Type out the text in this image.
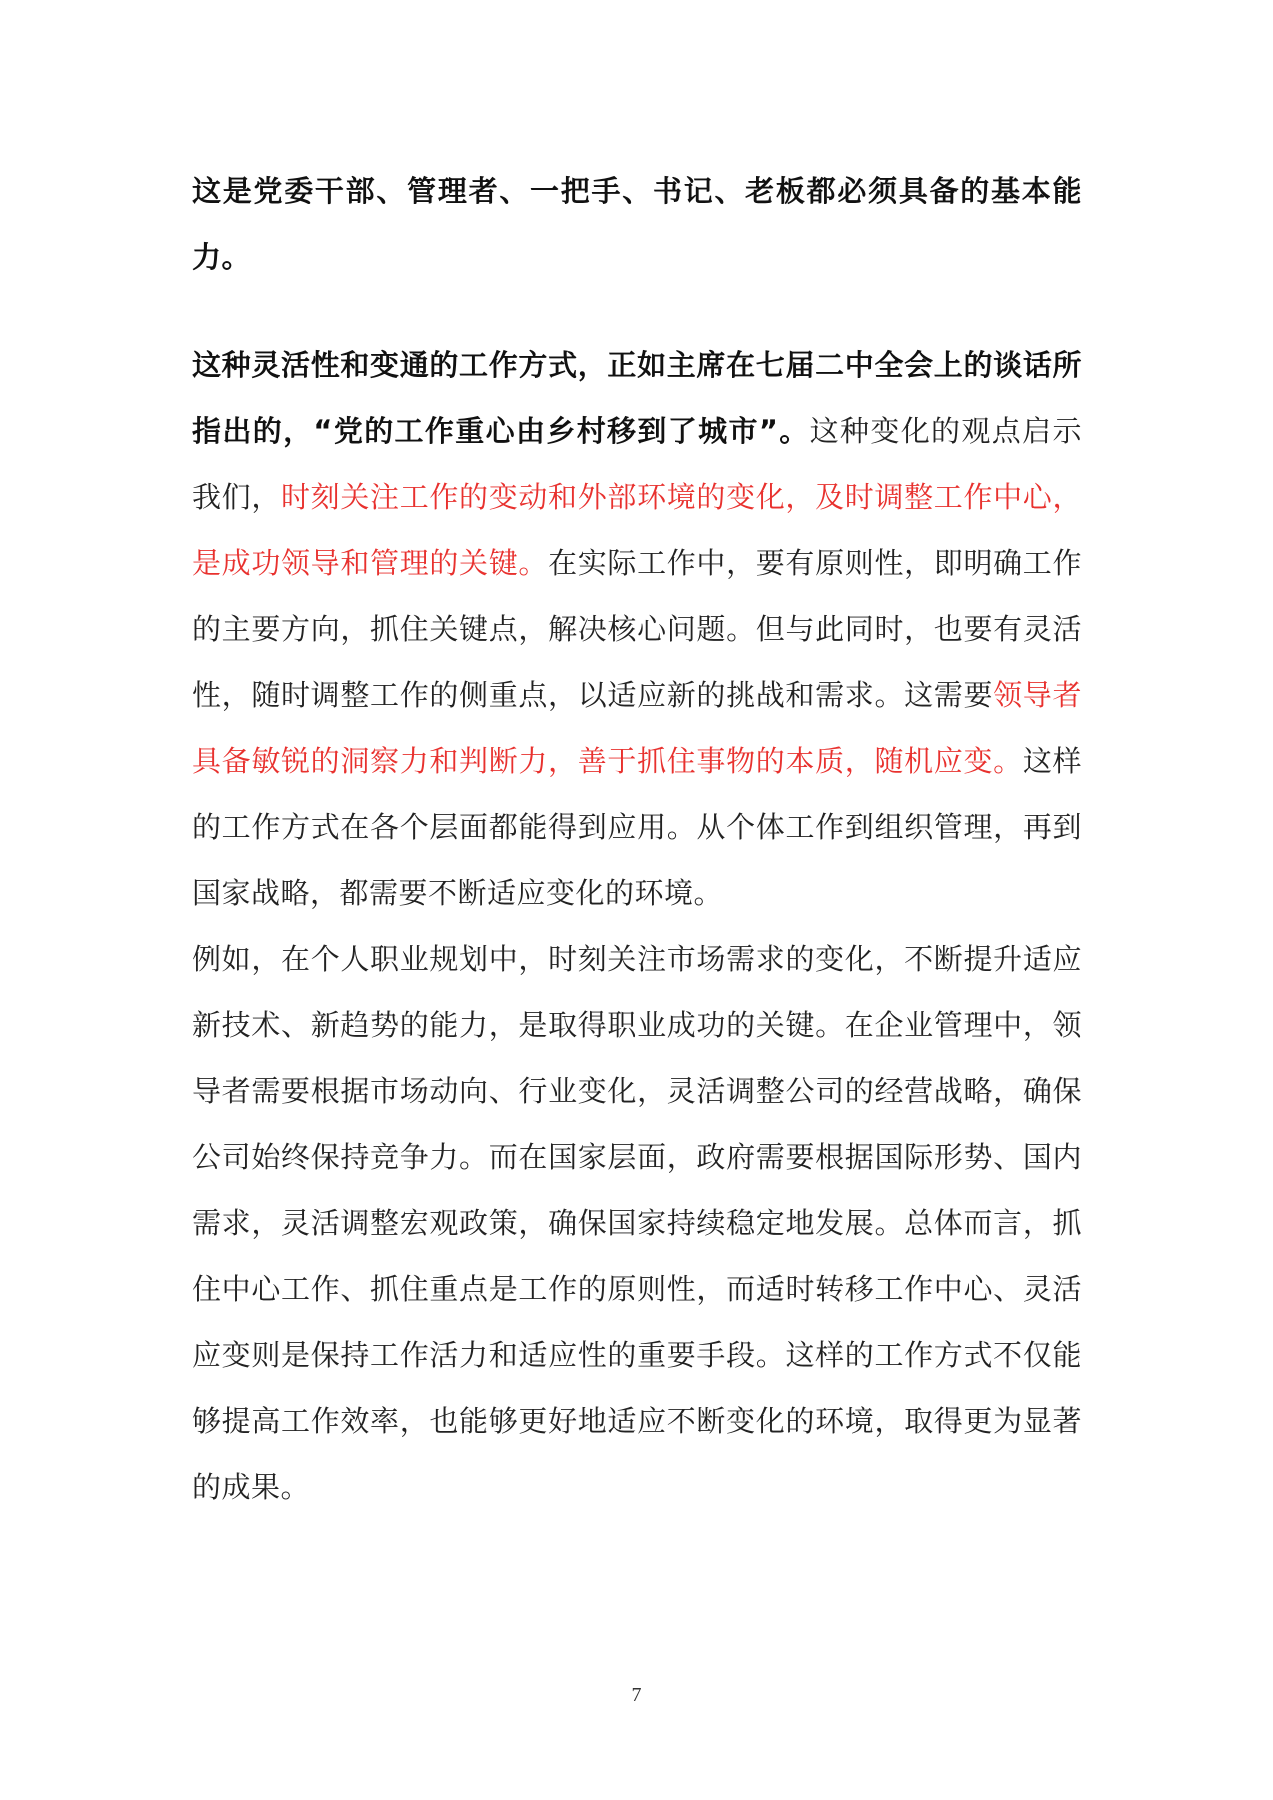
这是党委干部、管理者、一把手、书记、老板都必须具备的基本能力。

这种灵活性和变通的工作方式，正如主席在七届二中全会上的谈话所指出的，“党的工作重心由乡村移到了城市”。这种变化的观点启示我们，时刻关注工作的变动和外部环境的变化，及时调整工作中心，是成功领导和管理的关键。在实际工作中，要有原则性，即明确工作的主要方向，抓住关键点，解决核心问题。但与此同时，也要有灵活性，随时调整工作的侧重点，以适应新的挑战和需求。这需要领导者具备敏锐的洞察力和判断力，善于抓住事物的本质，随机应变。这样的工作方式在各个层面都能得到应用。从个体工作到组织管理，再到国家战略，都需要不断适应变化的环境。

例如，在个人职业规划中，时刻关注市场需求的变化，不断提升适应新技术、新趋势的能力，是取得职业成功的关键。在企业管理中，领导者需要根据市场动向、行业变化，灵活调整公司的经营战略，确保公司始终保持竞争力。而在国家层面，政府需要根据国际形势、国内需求，灵活调整宏观政策，确保国家持续稳定地发展。总体而言，抓住中心工作、抓住重点是工作的原则性，而适时转移工作中心、灵活应变则是保持工作活力和适应性的重要手段。这样的工作方式不仅能够提高工作效率，也能够更好地适应不断变化的环境，取得更为显著的成果。

7
